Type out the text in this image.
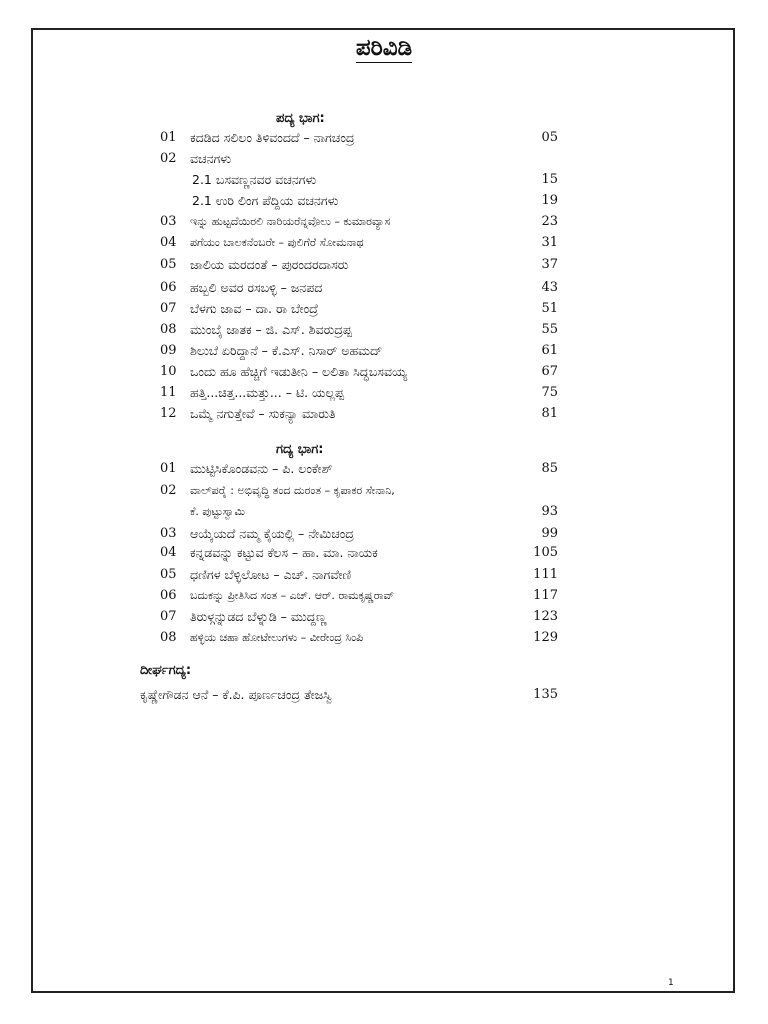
ಪರಿವಿಡಿ
ಪದ್ಯ ಭಾಗ:
01	ಕದಡಿದ ಸಲಿಲಂ ತಿಳಿವಂದದೆ – ನಾಗಚಂದ್ರ	05
02	ವಚನಗಳು
2.1 ಬಸವಣ್ಣನವರ ವಚನಗಳು	15
2.1 ಉರಿ ಲಿಂಗ ಪೆದ್ದಿಯ ವಚನಗಳು	19
03	ಇನ್ನು ಹುಟ್ಟದೆಯಿರಲಿ ನಾರಿಯರೆನ್ನವೊಲು – ಕುಮಾರವ್ಯಾಸ	23
04	ಪಗೆಯಂ ಬಾಲಕನೆಂಬರೇ – ಪುಲಿಗೆರೆ ಸೋಮನಾಥ	31
05	ಜಾಲಿಯ ಮರದಂತೆ – ಪುರಂದರದಾಸರು	37
06	ಹಬ್ಬಲಿ ಅವರ ರಸಬಳ್ಳಿ – ಜನಪದ	43
07	ಬೆಳಗು ಜಾವ – ದಾ. ರಾ ಬೇಂದ್ರೆ	51
08	ಮುಂಬೈ ಜಾತಕ – ಜಿ. ಎಸ್. ಶಿವರುದ್ರಪ್ಪ	55
09	ಶಿಲುಬೆ ಏರಿದ್ದಾನೆ – ಕೆ.ಎಸ್. ನಿಸಾರ್ ಅಹಮದ್	61
10	ಒಂದು ಹೂ ಹೆಚ್ಚಿಗೆ ಇಡುತೀನಿ – ಲಲಿತಾ ಸಿದ್ಧಬಸವಯ್ಯ	67
11	ಹತ್ತಿ...ಚಿತ್ತ...ಮತ್ತು... – ಟಿ. ಯಲ್ಲಪ್ಪ	75
12	ಒಮ್ಮೆ ನಗುತ್ತೇವೆ – ಸುಕನ್ಯಾ ಮಾರುತಿ	81
ಗದ್ಯ ಭಾಗ:
01	ಮುಟ್ಟಿಸಿಕೊಂಡವನು – ಪಿ. ಲಂಕೇಶ್	85
02	ವಾಲ್‌ಪರೈ : ಅಭಿವೃದ್ಧಿ ತಂದ ದುರಂತ – ಕೃಪಾಕರ ಸೇನಾನಿ,
ಕೆ. ಪುಟ್ಟುಸ್ವಾಮಿ	93
03	ಆಯ್ಕೆಯದೆ ನಮ್ಮ ಕೈಯಲ್ಲಿ – ನೇಮಿಚಂದ್ರ	99
04	ಕನ್ನಡವನ್ನು ಕಟ್ಟುವ ಕೆಲಸ – ಹಾ. ಮಾ. ನಾಯಕ	105
05	ಧಣಿಗಳ ಬೆಳ್ಳಿಲೋಟ – ಎಚ್. ನಾಗವೇಣಿ	111
06	ಬದುಕನ್ನು ಪ್ರೀತಿಸಿದ ಸಂತ – ಎಚ್. ಆರ್. ರಾಮಕೃಷ್ಣರಾವ್	117
07	ತಿರುಳ್ಗನ್ನುಡದ ಬೆಳ್ನುಡಿ – ಮುದ್ದಣ್ಣ	123
08	ಹಳ್ಳಿಯ ಚಹಾ ಹೋಟೇಲುಗಳು – ವೀರೇಂದ್ರ ಸಿಂಪಿ	129
ದೀರ್ಘಗದ್ಯ:
ಕೃಷ್ಣೇಗೌಡನ ಆನೆ – ಕೆ.ಪಿ. ಪೂರ್ಣಚಂದ್ರ ತೇಜಸ್ವಿ	135
1
